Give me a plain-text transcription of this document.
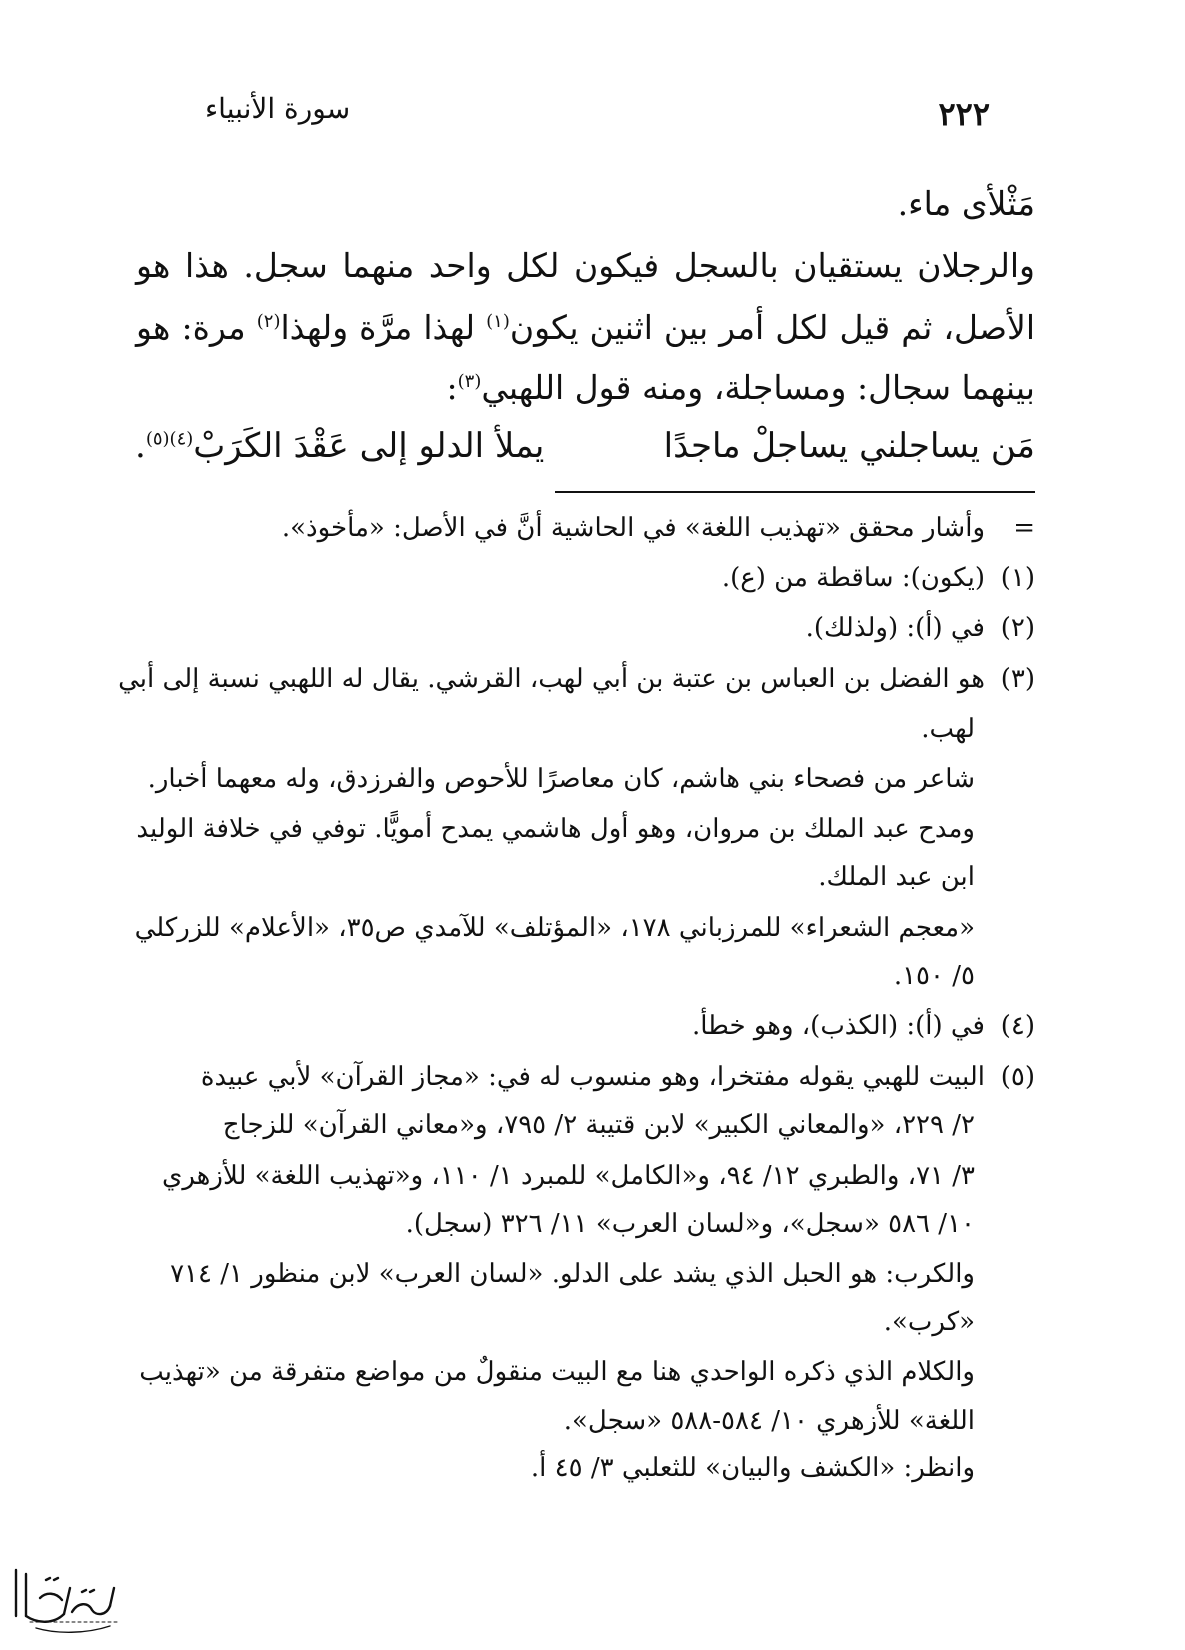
سورة الأنبياء	٢٢٢
مَثْلأى ماء.
والرجلان يستقيان بالسجل فيكون لكل واحد منهما سجل. هذا هو
الأصل، ثم قيل لكل أمر بين اثنين يكون$^{(١)}$ لهذا مرَّة ولهذا$^{(٢)}$ مرة: هو
بينهما سجال: ومساجلة، ومنه قول اللهبي$^{(٣)}$:
مَن يساجلني يساجلْ ماجدًا
يملأ الدلو إلى عَقْدَ الكَرَبْ$^{(٤)(٥)}$.
=وأشار محقق «تهذيب اللغة» في الحاشية أنَّ في الأصل: «مأخوذ».
(١)(يكون): ساقطة من (ع).
(٢)في (أ): (ولذلك).
(٣)هو الفضل بن العباس بن عتبة بن أبي لهب، القرشي. يقال له اللهبي نسبة إلى أبي
لهب.
شاعر من فصحاء بني هاشم، كان معاصرًا للأحوص والفرزدق، وله معهما أخبار.
ومدح عبد الملك بن مروان، وهو أول هاشمي يمدح أمويًّا. توفي في خلافة الوليد
ابن عبد الملك.
«معجم الشعراء» للمرزباني ١٧٨، «المؤتلف» للآمدي ص٣٥، «الأعلام» للزركلي
٥/ ١٥٠.
(٤)في (أ): (الكذب)، وهو خطأ.
(٥)البيت للهبي يقوله مفتخرا، وهو منسوب له في: «مجاز القرآن» لأبي عبيدة
٢/ ٢٢٩، «والمعاني الكبير» لابن قتيبة ٢/ ٧٩٥، و«معاني القرآن» للزجاج
٣/ ٧١، والطبري ١٢/ ٩٤، و«الكامل» للمبرد ١/ ١١٠، و«تهذيب اللغة» للأزهري
١٠/ ٥٨٦ «سجل»، و«لسان العرب» ١١/ ٣٢٦ (سجل).
والكرب: هو الحبل الذي يشد على الدلو. «لسان العرب» لابن منظور ١/ ٧١٤
«كرب».
والكلام الذي ذكره الواحدي هنا مع البيت منقولٌ من مواضع متفرقة من «تهذيب
اللغة» للأزهري ١٠/ ٥٨٤-٥٨٨ «سجل».
وانظر: «الكشف والبيان» للثعلبي ٣/ ٤٥ أ.
